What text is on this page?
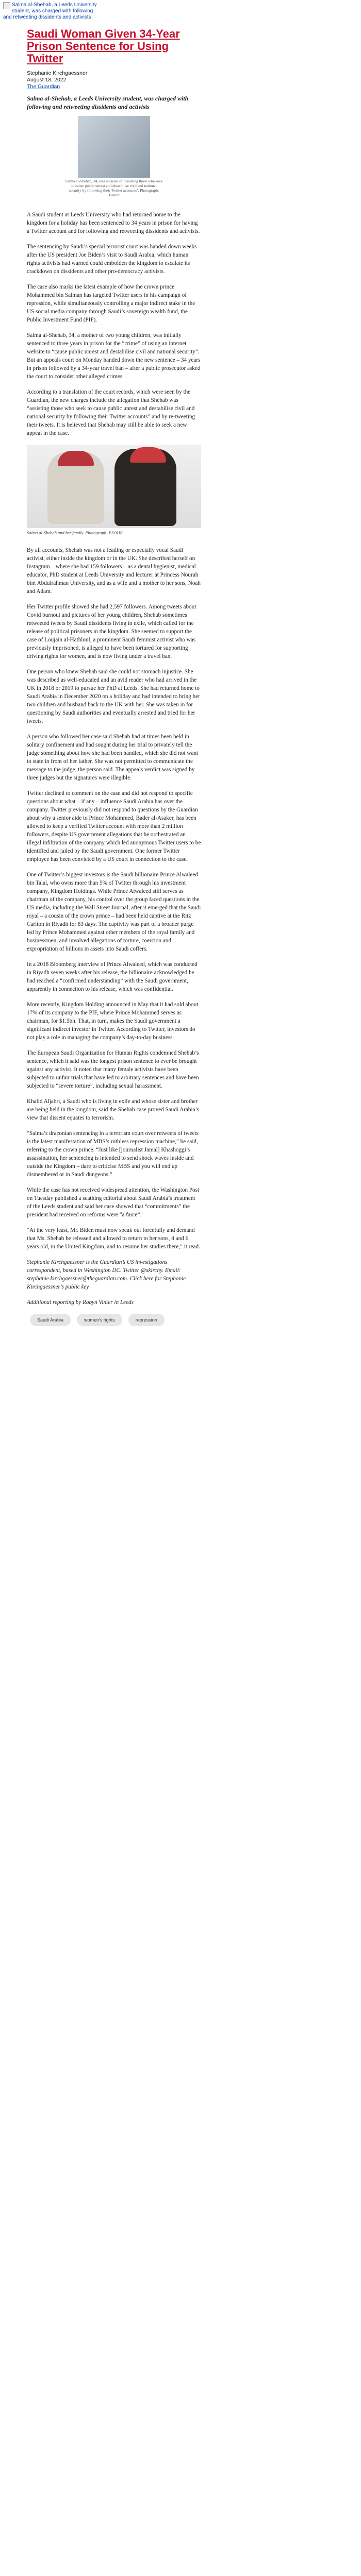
Salma al-Shehab, a Leeds University student, was charged with following and retweeting dissidents and activists
Saudi Woman Given 34-Year Prison Sentence for Using Twitter
Stephanie Kirchgaessner
August 18, 2022
The Guardian
Salma al-Shehab, a Leeds University student, was charged with following and retweeting dissidents and activists
Salma al-Shehab, 34, was accused of ‘assisting those who seek to cause public unrest and destabilise civil and national security by following their Twitter accounts’. Photograph: Twitter

A Saudi student at Leeds University who had returned home to the kingdom for a holiday has been sentenced to 34 years in prison for having a Twitter account and for following and retweeting dissidents and activists.

The sentencing by Saudi’s special terrorist court was handed down weeks after the US president Joe Biden’s visit to Saudi Arabia, which human rights activists had warned could embolden the kingdom to escalate its crackdown on dissidents and other pro-democracy activists.

The case also marks the latest example of how the crown prince Mohammed bin Salman has targeted Twitter users in his campaign of repression, while simultaneously controlling a major indirect stake in the US social media company through Saudi’s sovereign wealth fund, the Public Investment Fund (PIF).

Salma al-Shehab, 34, a mother of two young children, was initially sentenced to three years in prison for the “crime” of using an internet website to “cause public unrest and destabilise civil and national security”. But an appeals court on Monday handed down the new sentence – 34 years in prison followed by a 34-year travel ban – after a public prosecutor asked the court to consider other alleged crimes.

According to a translation of the court records, which were seen by the Guardian, the new charges include the allegation that Shehab was “assisting those who seek to cause public unrest and destabilise civil and national security by following their Twitter accounts” and by re-tweeting their tweets. It is believed that Shehab may still be able to seek a new appeal in the case.

Salma al-Shehab and her family. Photograph: ESOHR

By all accounts, Shehab was not a leading or especially vocal Saudi activist, either inside the kingdom or in the UK. She described herself on Instagram – where she had 159 followers – as a dental hygienist, medical educator, PhD student at Leeds University and lecturer at Princess Nourah bint Abdulrahman University, and as a wife and a mother to her sons, Noah and Adam.

Her Twitter profile showed she had 2,597 followers. Among tweets about Covid burnout and pictures of her young children, Shehab sometimes retweeted tweets by Saudi dissidents living in exile, which called for the release of political prisoners in the kingdom. She seemed to support the case of Loujain al-Hathloul, a prominent Saudi feminist activist who was previously imprisoned, is alleged to have been tortured for supporting driving rights for women, and is now living under a travel ban.

One person who knew Shehab said she could not stomach injustice. She was described as well-educated and an avid reader who had arrived in the UK in 2018 or 2019 to pursue her PhD at Leeds. She had returned home to Saudi Arabia in December 2020 on a holiday and had intended to bring her two children and husband back to the UK with her. She was taken in for questioning by Saudi authorities and eventually arrested and tried for her tweets.

A person who followed her case said Shehab had at times been held in solitary confinement and had sought during her trial to privately tell the judge something about how she had been handled, which she did not want to state in front of her father. She was not permitted to communicate the message to the judge, the person said. The appeals verdict was signed by three judges but the signatures were illegible.

Twitter declined to comment on the case and did not respond to specific questions about what – if any – influence Saudi Arabia has over the company. Twitter previously did not respond to questions by the Guardian about why a senior aide to Prince Mohammed, Bader al-Asaker, has been allowed to keep a verified Twitter account with more than 2 million followers, despite US government allegations that he orchestrated an illegal infiltration of the company which led anonymous Twitter users to be identified and jailed by the Saudi government. One former Twitter employee has been convicted by a US court in connection to the case.

One of Twitter’s biggest investors is the Saudi billionaire Prince Alwaleed bin Talal, who owns more than 5% of Twitter through his investment company, Kingdom Holdings. While Prince Alwaleed still serves as chairman of the company, his control over the group faced questions in the US media, including the Wall Street Journal, after it emerged that the Saudi royal – a cousin of the crown prince – had been held captive at the Ritz Carlton in Riyadh for 83 days. The captivity was part of a broader purge led by Prince Mohammed against other members of the royal family and businessmen, and involved allegations of torture, coercion and expropriation of billions in assets into Saudi coffers.

In a 2018 Bloomberg interview of Prince Alwaleed, which was conducted in Riyadh seven weeks after his release, the billionaire acknowledged he had reached a “confirmed understanding” with the Saudi government, apparently in connection to his release, which was confidential.

More recently, Kingdom Holding announced in May that it had sold about 17% of its company to the PIF, where Prince Mohammed serves as chairman, for $1.5bn. That, in turn, makes the Saudi government a significant indirect investor in Twitter. According to Twitter, investors do not play a role in managing the company’s day-to-day business.

The European Saudi Organization for Human Rights condemned Shehab’s sentence, which it said was the longest prison sentence to ever be brought against any activist. It noted that many female activists have been subjected to unfair trials that have led to arbitrary sentences and have been subjected to “severe torture”, including sexual harassment.

Khalid Aljabri, a Saudi who is living in exile and whose sister and brother are being held in the kingdom, said the Shehab case proved Saudi Arabia’s view that dissent equates to terrorism.

“Salma’s draconian sentencing in a terrorism court over retweets of tweets is the latest manifestation of MBS’s ruthless repression machine,” he said, referring to the crown prince. “Just like [journalist Jamal] Khashoggi’s assassination, her sentencing is intended to send shock waves inside and outside the Kingdom – dare to criticise MBS and you will end up dismembered or in Saudi dungeons.”

While the case has not received widespread attention, the Washington Post on Tuesday published a scathing editorial about Saudi Arabia’s treatment of the Leeds student and said her case showed that “commitments” the president had received on reforms were “a farce”.

“At the very least, Mr. Biden must now speak out forcefully and demand that Ms. Shehab be released and allowed to return to her sons, 4 and 6 years old, in the United Kingdom, and to resume her studies there,” it read.

Stephanie Kirchgaessner is the Guardian’s US investigations correspondent, based in Washington DC. Twitter @skirchy. Email: stephanie.kirchgaessner@theguardian.com. Click here for Stephanie Kirchgaessner’s public key

Additional reporting by Robyn Vinter in Leeds

Saudi Arabia	women's rights	repression
